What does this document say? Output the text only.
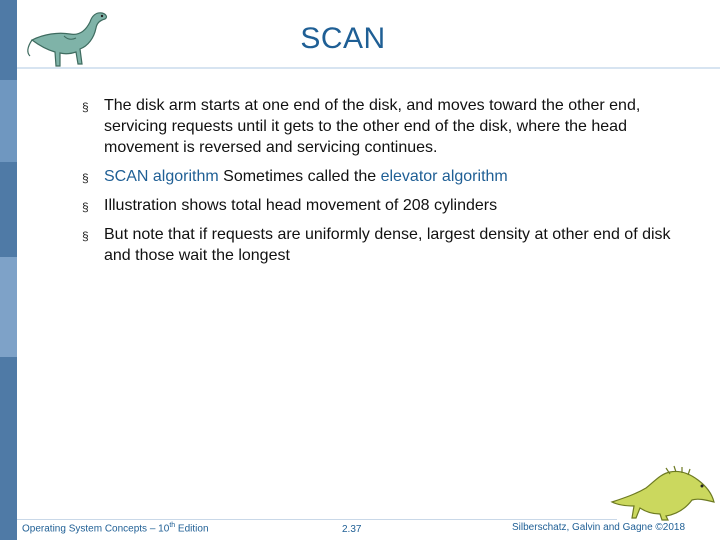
SCAN
§ The disk arm starts at one end of the disk, and moves toward the other end, servicing requests until it gets to the other end of the disk, where the head movement is reversed and servicing continues.
§ SCAN algorithm Sometimes called the elevator algorithm
§ Illustration shows total head movement of 208 cylinders
§ But note that if requests are uniformly dense, largest density at other end of disk and those wait the longest
Operating System Concepts – 10th Edition	2.37	Silberschatz, Galvin and Gagne ©2018
